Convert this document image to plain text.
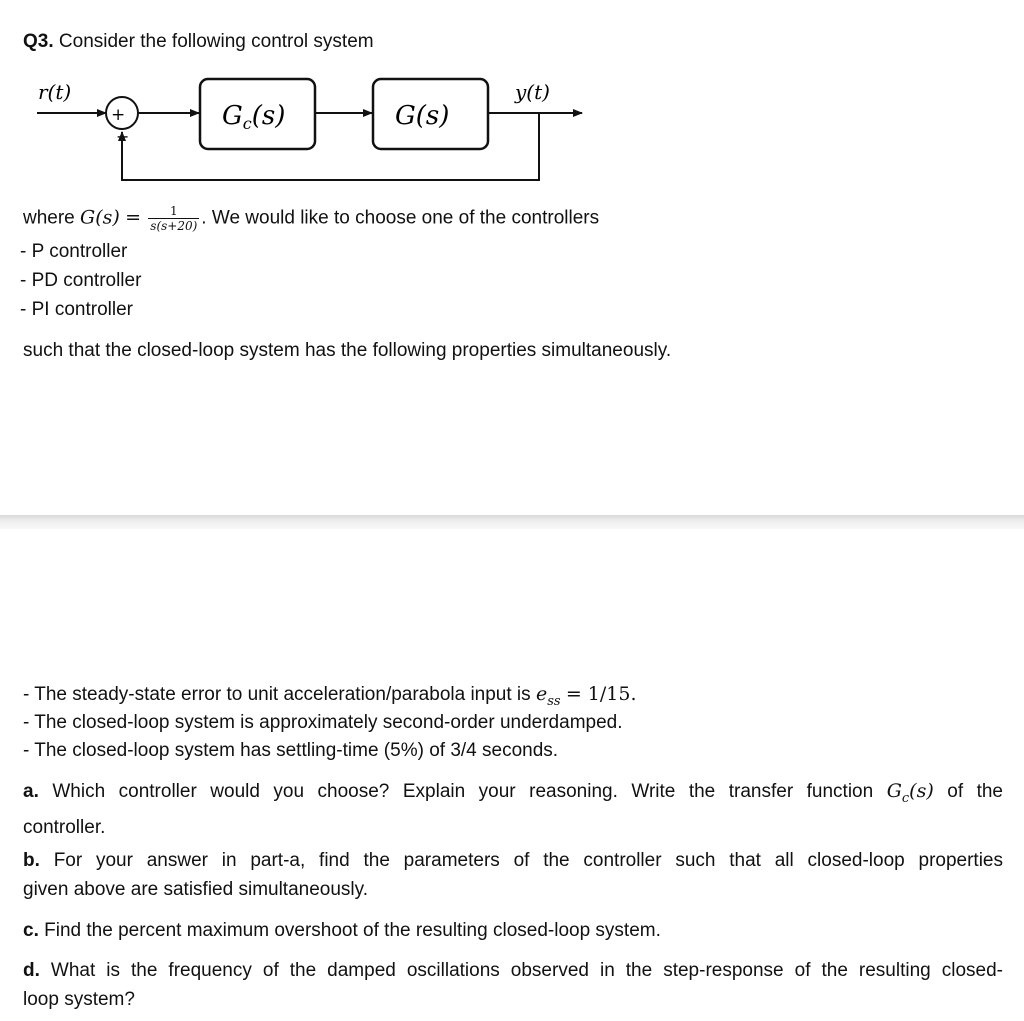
Q3. Consider the following control system
r(t)
+
−
Gc(s)	G(s)
y(t)
where $G(s) = \frac{1}{s(s+20)}$ . We would like to choose one of the controllers
- P controller
- PD controller
- PI controller
such that the closed-loop system has the following properties simultaneously.
- The steady-state error to unit acceleration/parabola input is $e_{ss} = 1/15$.
- The closed-loop system is approximately second-order underdamped.
- The closed-loop system has settling-time (5%) of 3/4 seconds.
a. Which controller would you choose? Explain your reasoning. Write the transfer function $G_c(s)$ of the
controller.
b. For your answer in part-a, find the parameters of the controller such that all closed-loop properties
given above are satisfied simultaneously.
c. Find the percent maximum overshoot of the resulting closed-loop system.
d. What is the frequency of the damped oscillations observed in the step-response of the resulting closed-
loop system?
